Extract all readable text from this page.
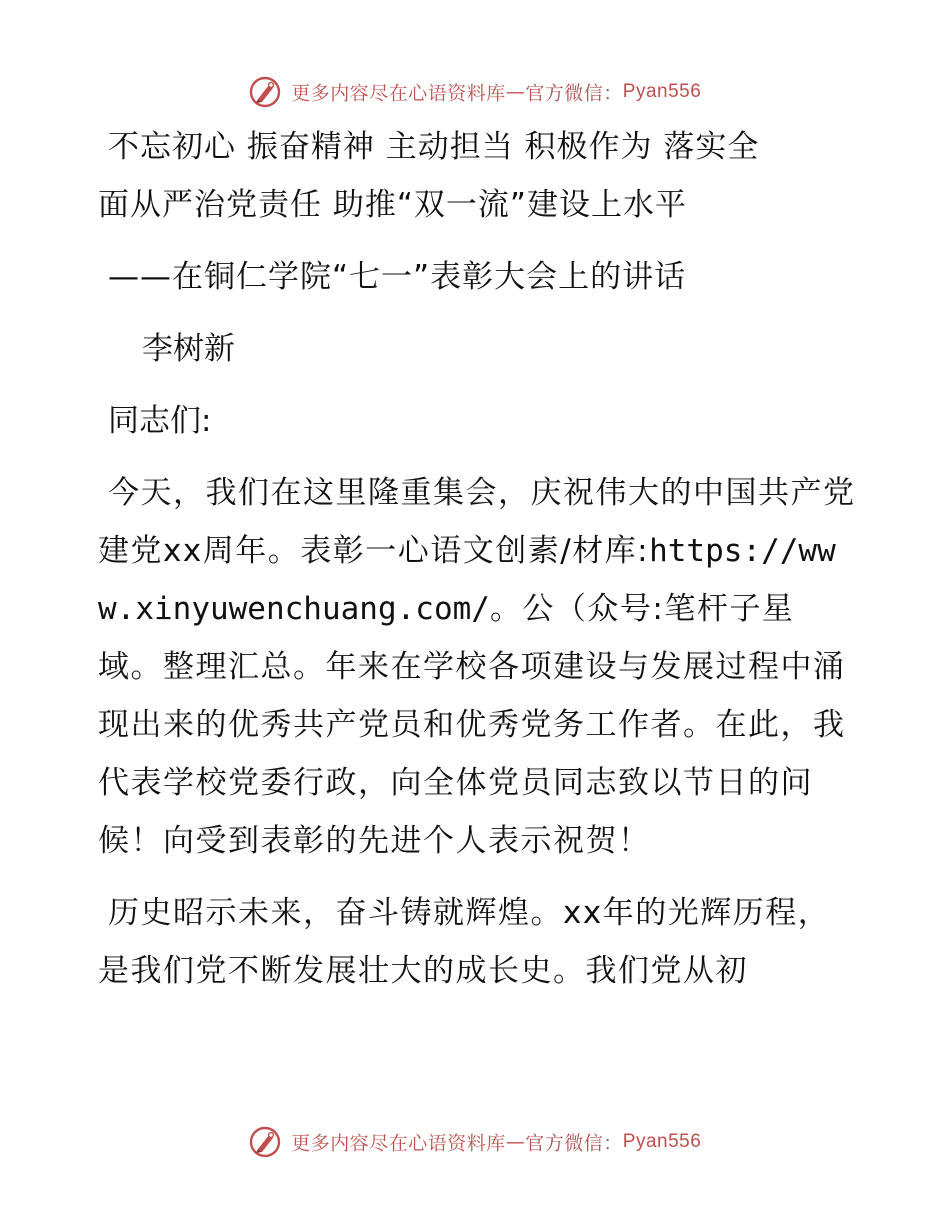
更多内容尽在心语资料库—官方微信：Pyan556

不忘初心 振奋精神 主动担当 积极作为 落实全

面从严治党责任 助推“双一流”建设上水平

——在铜仁学院“七一”表彰大会上的讲话

李树新

同志们:

今天，我们在这里隆重集会，庆祝伟大的中国共产党建党xx周年。表彰一心语文创素/材库:https://www.xinyuwenchuang.com/。公（众号:笔杆子星域。整理汇总。年来在学校各项建设与发展过程中涌现出来的优秀共产党员和优秀党务工作者。在此，我代表学校党委行政，向全体党员同志致以节日的问候！向受到表彰的先进个人表示祝贺！

历史昭示未来，奋斗铸就辉煌。xx年的光辉历程，是我们党不断发展壮大的成长史。我们党从初

更多内容尽在心语资料库—官方微信：Pyan556
